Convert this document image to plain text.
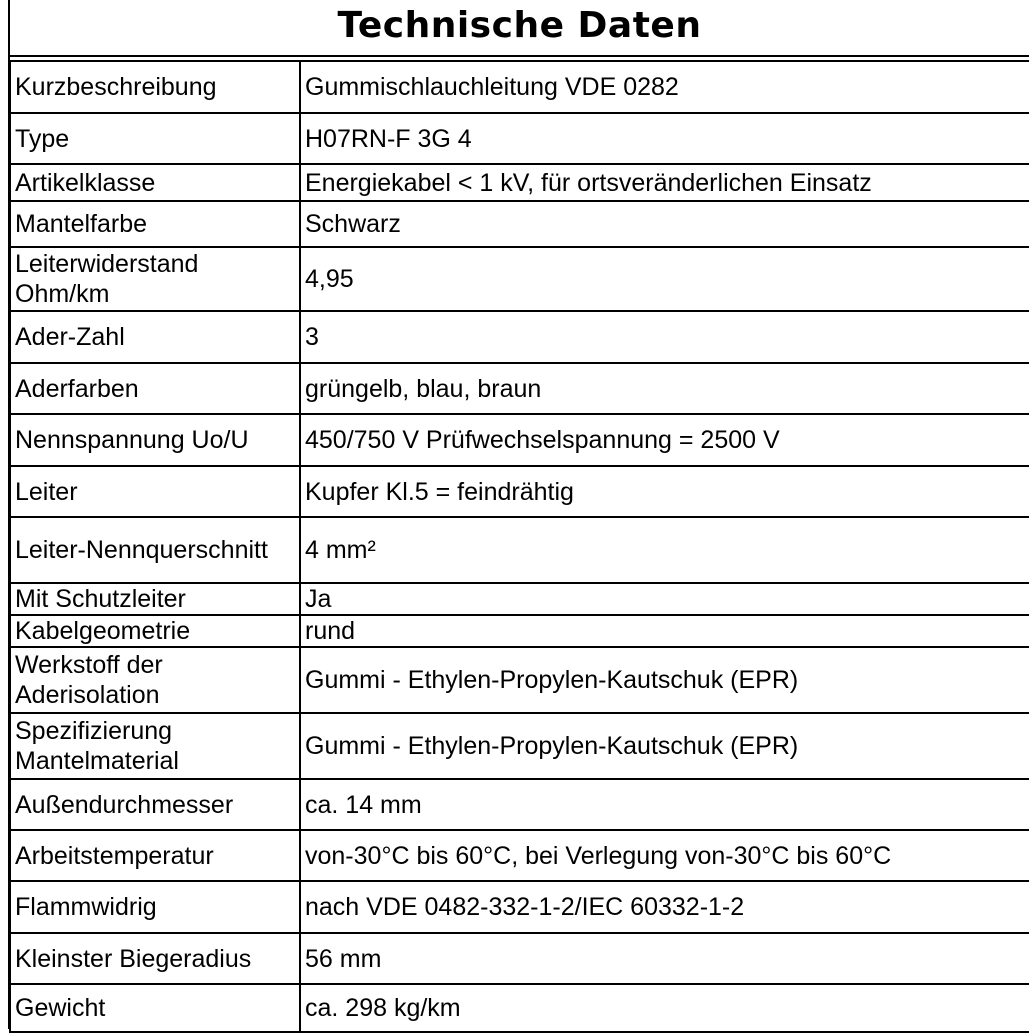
Technische Daten
Kurzbeschreibung	Gummischlauchleitung VDE 0282
Type	H07RN-F 3G 4
Artikelklasse	Energiekabel < 1 kV, für ortsveränderlichen Einsatz
Mantelfarbe	Schwarz
Leiterwiderstand Ohm/km	4,95
Ader-Zahl	3
Aderfarben	grüngelb, blau, braun
Nennspannung Uo/U	450/750 V Prüfwechselspannung = 2500 V
Leiter	Kupfer Kl.5 = feindrähtig
Leiter-Nennquerschnitt	4 mm²
Mit Schutzleiter	Ja
Kabelgeometrie	rund
Werkstoff der Aderisolation	Gummi - Ethylen-Propylen-Kautschuk (EPR)
Spezifizierung Mantelmaterial	Gummi - Ethylen-Propylen-Kautschuk (EPR)
Außendurchmesser	ca. 14 mm
Arbeitstemperatur	von-30°C bis 60°C, bei Verlegung von-30°C bis 60°C
Flammwidrig	nach VDE 0482-332-1-2/IEC 60332-1-2
Kleinster Biegeradius	56 mm
Gewicht	ca. 298 kg/km
